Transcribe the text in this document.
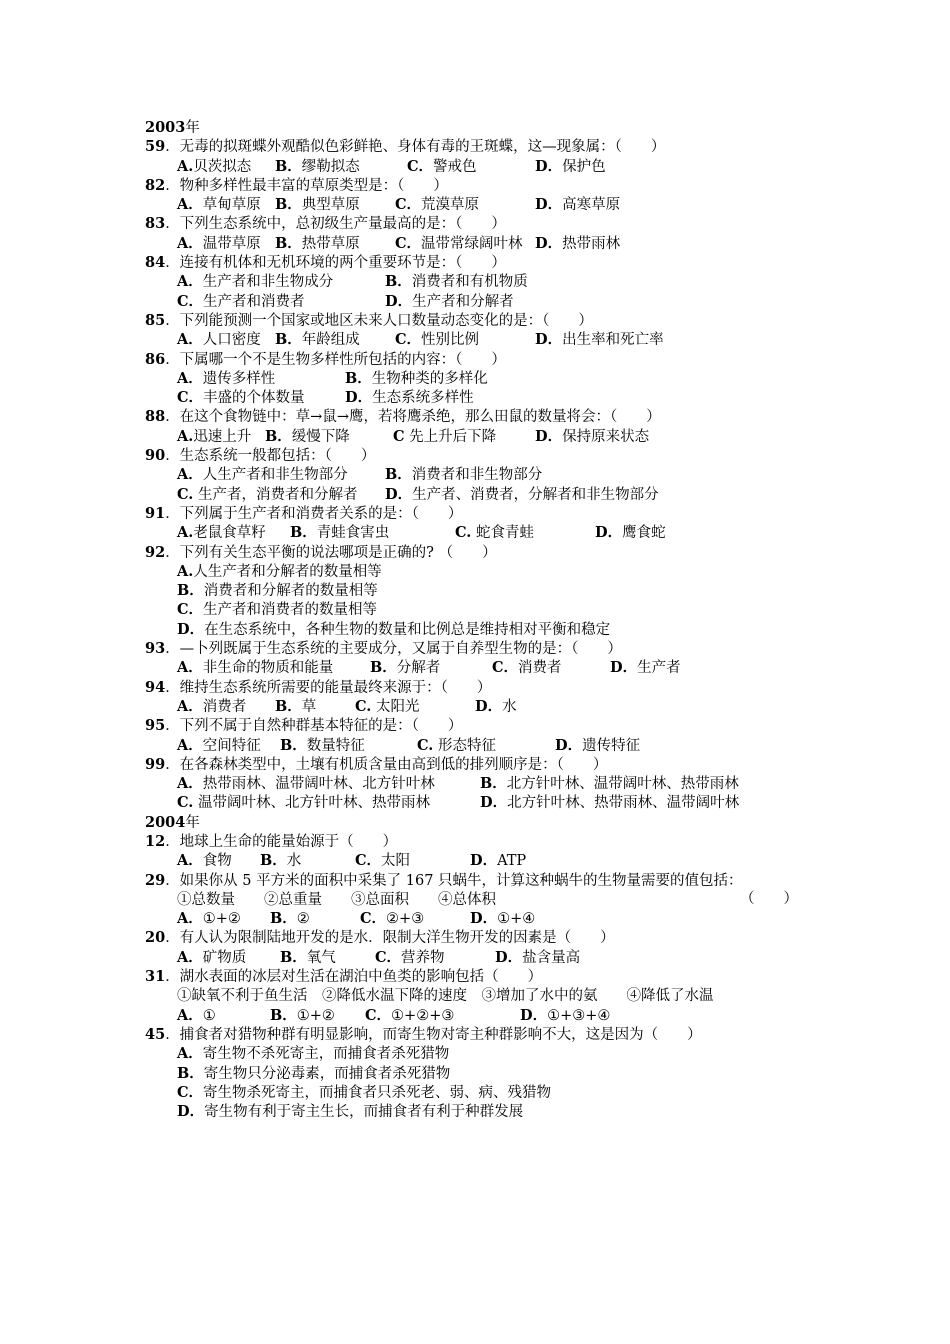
2003年
59．无毒的拟斑蝶外观酷似色彩鲜艳、身体有毒的王斑蝶，这—现象属：（　　）
A.贝茨拟态 B．缪勒拟态	C．警戒色	D．保护色
82．物种多样性最丰富的草原类型是：（　　）
A．草甸草原 B．典型草原 C．荒漠草原	D．高寒草原
83．下列生态系统中，总初级生产量最高的是：（　　）
A．温带草原 B．热带草原 C．温带常绿阔叶林 D．热带雨林
84．连接有机体和无机环境的两个重要环节是：（　　）
A．生产者和非生物成分	B．消费者和有机物质
C．生产者和消费者	D．生产者和分解者
85．下列能预测一个国家或地区未来人口数量动态变化的是：（　　）
A．人口密度 B．年龄组成 C．性别比例	D．出生率和死亡率
86．下属哪一个不是生物多样性所包括的内容：（　　）
A．遗传多样性	B．生物种类的多样化
C．丰盛的个体数量	D．生态系统多样性
88．在这个食物链中：草→鼠→鹰，若将鹰杀绝，那么田鼠的数量将会：（　　）
A.迅速上升 B．缓慢下降	C 先上升后下降	D．保持原来状态
90．生态系统一般都包括：（　　）
A．人生产者和非生物部分	B．消费者和非生物部分
C. 生产者，消费者和分解者 D．生产者、消费者，分解者和非生物部分
91．下列属于生产者和消费者关系的是：（　　）
A.老鼠食草籽 B．青蛙食害虫	C. 蛇食青蛙	D．鹰食蛇
92．下列有关生态平衡的说法哪项是正确的? （　　）
A.人生产者和分解者的数量相等
B．消费者和分解者的数量相等
C．生产者和消费者的数量相等
D．在生态系统中，各种生物的数量和比例总是维持相对平衡和稳定
93．—卜列既属于生态系统的主要成分，又属于自养型生物的是：（　　）
A．非生命的物质和能量	B．分解者	C．消费者	D．生产者
94．维持生态系统所需要的能量最终来源于：（　　）
A．消费者 B．草	C. 太阳光	D．水
95．下列不属于自然种群基本特征的是：（　　）
A．空间特征 B．数量特征	C. 形态特征	D．遗传特征
99．在各森林类型中，土壤有机质含量由高到低的排列顺序是：（　　）
A．热带雨林、温带阔叶林、北方针叶林	B．北方针叶林、温带阔叶林、热带雨林
C. 温带阔叶林、北方针叶林、热带雨林	D．北方针叶林、热带雨林、温带阔叶林
2004年
12．地球上生命的能量始源于（　　）
A．食物 B．水	C．太阳	D．ATP
29．如果你从 5 平方米的面积中采集了 167 只蜗牛，计算这种蜗牛的生物量需要的值包括：
①总数量　　②总重量　　③总面积　　④总体积	（　　）
A．①+② B．②	C．②+③	D．①+④
20．有人认为限制陆地开发的是水．限制大洋生物开发的因素是（　　）
A．矿物质 B．氧气	C．营养物	D．盐含量高
31．湖水表面的冰层对生活在湖泊中鱼类的影响包括（　　）
①缺氧不利于鱼生活　②降低水温下降的速度　③增加了水中的氨　　④降低了水温
A．①	B．①+② C．①+②+③	D．①+③+④
45．捕食者对猎物种群有明显影响，而寄生物对寄主种群影响不大，这是因为（　　）
A．寄生物不杀死寄主，而捕食者杀死猎物
B．寄生物只分泌毒素，而捕食者杀死猎物
C．寄生物杀死寄主，而捕食者只杀死老、弱、病、残猎物
D．寄生物有利于寄主生长，而捕食者有利于种群发展
